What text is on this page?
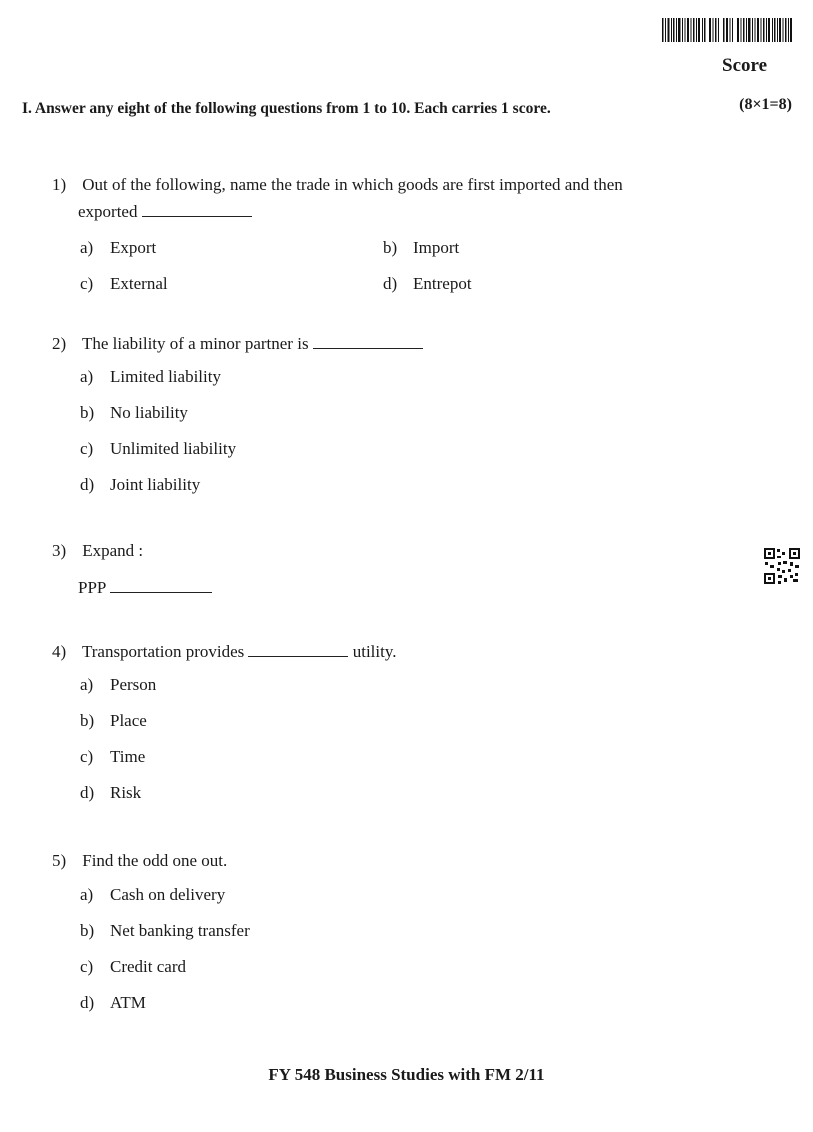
Score
I. Answer any eight of the following questions from 1 to 10. Each carries 1 score.	(8×1=8)
1) Out of the following, name the trade in which goods are first imported and then
exported
a) Export	b) Import
c) External	d) Entrepot
2) The liability of a minor partner is
a) Limited liability
b) No liability
c) Unlimited liability
d) Joint liability
3) Expand :
PPP
4) Transportation provides	utility.
a) Person
b) Place
c) Time
d) Risk
5) Find the odd one out.
a) Cash on delivery
b) Net banking transfer
c) Credit card
d) ATM
FY 548 Business Studies with FM 2/11
